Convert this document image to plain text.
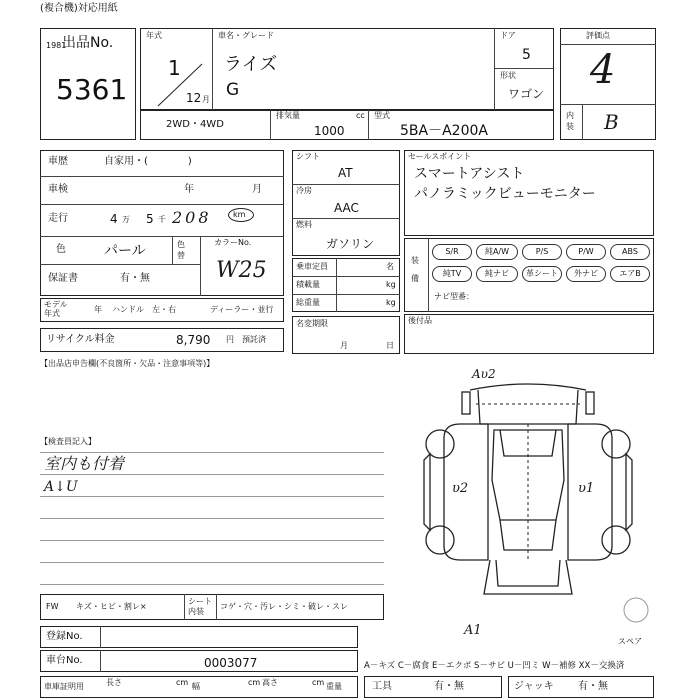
(複合機)対応用紙
出品No.
1981
5361
年式
1
12 月
車名・グレード
ライズ
G
ドア
5
形状
ワゴン
2WD・4WD
排気量	cc
1000
型式
5BA－A200A
評価点
4
内装 B
車歴	自家用・(　　　　)
車検	年	月
走行	4 万 5 千 208	km
色	パール	色替
カラーNo.
W25
保証書	有・無
モデル年式	年 ハンドル　左・右	ディーラー・並行
リサイクル料金	8,790 円 預託済
シフト
AT
冷房
AAC
燃料
ガソリン
乗車定員	名
積載量	kg
総重量	kg
名変期限
月	日
セールスポイント
スマートアシスト
パノラミックビューモニター
装備
S/R	純A/W	P/S	P/W	ABS
純TV	純ナビ	革シート	外ナビ	エアB
ナビ型番：
後付品
【出品店申告欄(不良箇所・欠品・注意事項等)】
【検査員記入】
室内も付着
A↓U
Aυ2
υ2	υ1
A1
スペア
FW キズ・ヒビ・割レ×
シート内装
コゲ・穴・汚レ・シミ・破レ・スレ
登録No.
車台No.	0003077
車庫証明用	長さ	cm 幅	cm 高さ	cm 重量
A－キズ C－腐食 E－エクボ S－サビ U－凹ミ W－補修 XX－交換済
工具	有・無	ジャッキ 有・無
